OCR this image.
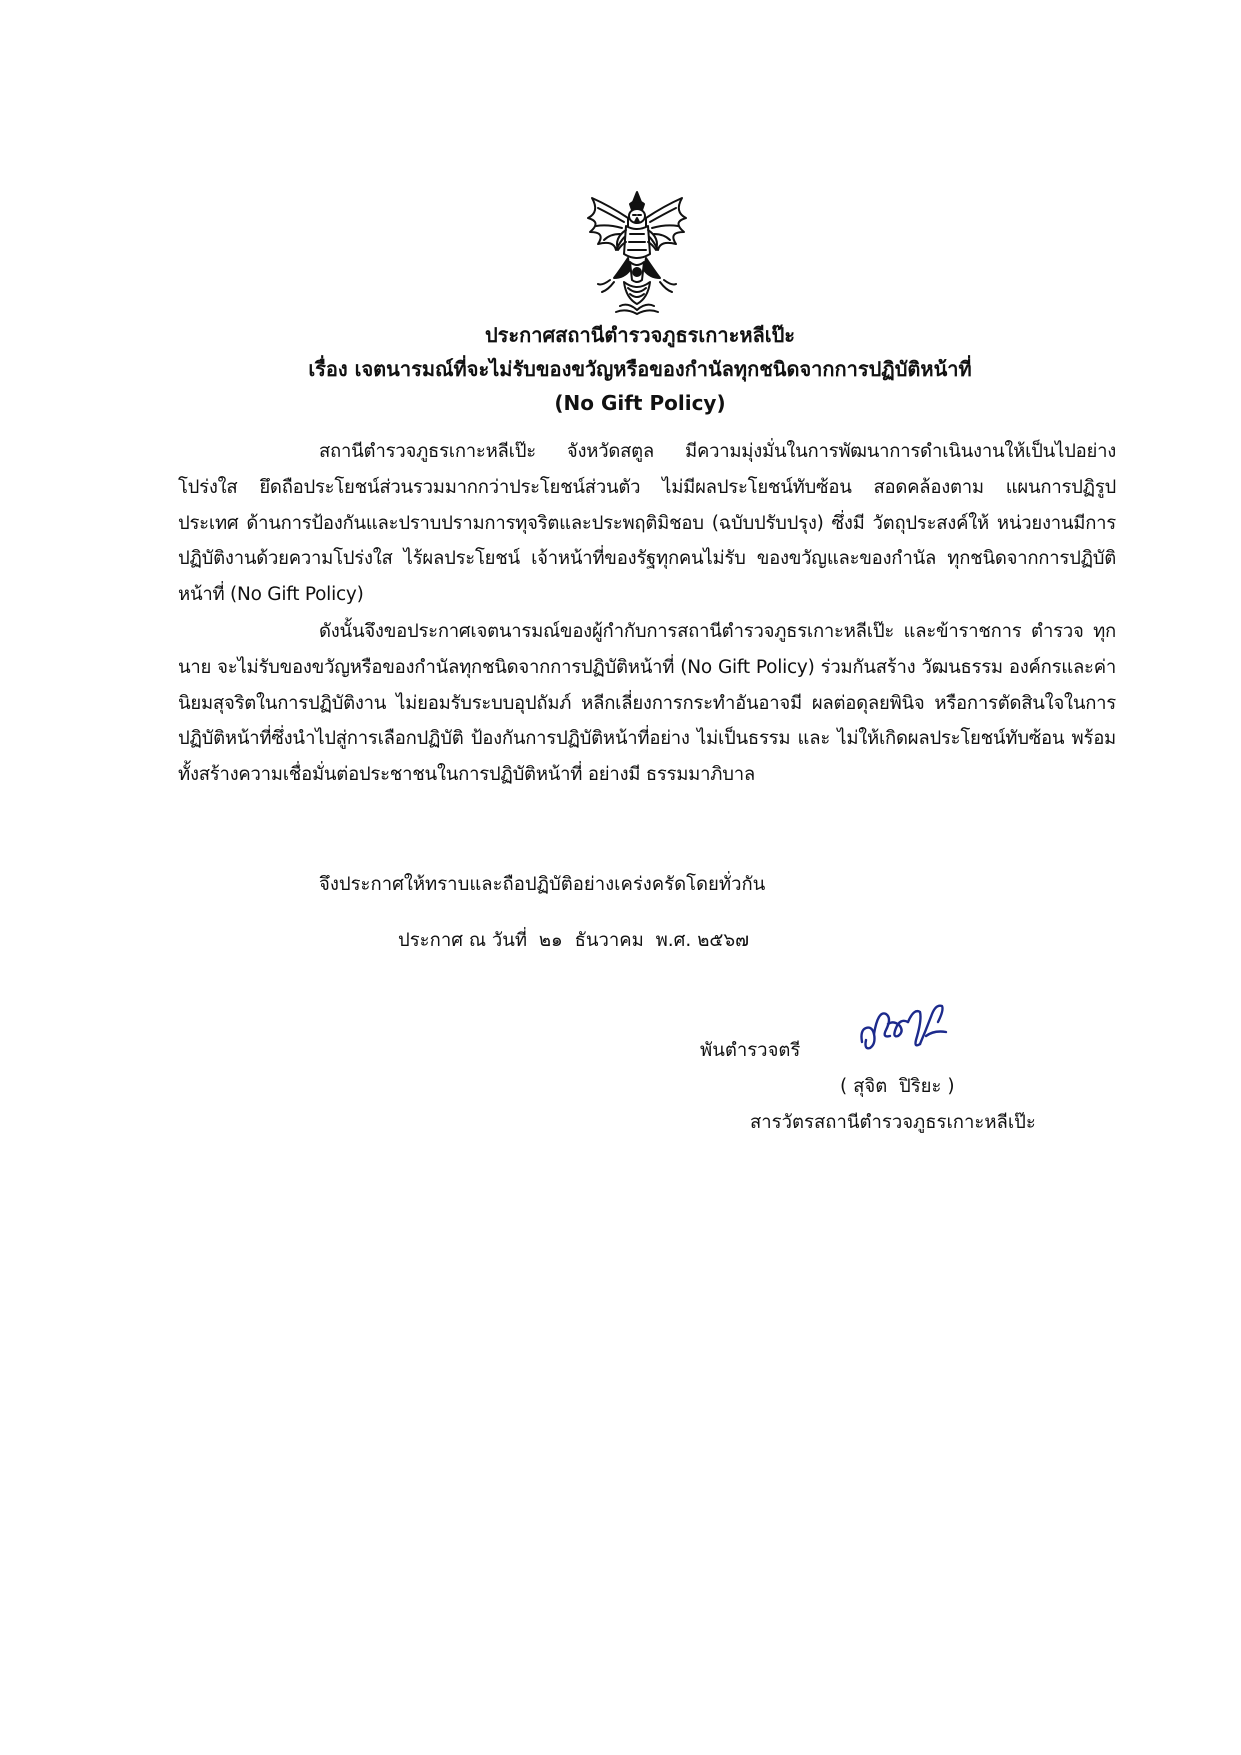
ประกาศสถานีตำรวจภูธรเกาะหลีเป๊ะ
เรื่อง เจตนารมณ์ที่จะไม่รับของขวัญหรือของกำนัลทุกชนิดจากการปฏิบัติหน้าที่
(No Gift Policy)
สถานีตำรวจภูธรเกาะหลีเป๊ะ จังหวัดสตูล มีความมุ่งมั่นในการพัฒนาการดำเนินงานให้เป็นไปอย่าง โปร่งใส ยึดถือประโยชน์ส่วนรวมมากกว่าประโยชน์ส่วนตัว ไม่มีผลประโยชน์ทับซ้อน สอดคล้องตาม แผนการปฏิรูป ประเทศ ด้านการป้องกันและปราบปรามการทุจริตและประพฤติมิชอบ (ฉบับปรับปรุง) ซึ่งมี วัตถุประสงค์ให้ หน่วยงานมีการปฏิบัติงานด้วยความโปร่งใส ไร้ผลประโยชน์ เจ้าหน้าที่ของรัฐทุกคนไม่รับ ของขวัญและของกำนัล ทุกชนิดจากการปฏิบัติหน้าที่ (No Gift Policy)
ดังนั้นจึงขอประกาศเจตนารมณ์ของผู้กำกับการสถานีตำรวจภูธรเกาะหลีเป๊ะ และข้าราชการ ตำรวจ ทุกนาย จะไม่รับของขวัญหรือของกำนัลทุกชนิดจากการปฏิบัติหน้าที่ (No Gift Policy) ร่วมกันสร้าง วัฒนธรรม องค์กรและค่านิยมสุจริตในการปฏิบัติงาน ไม่ยอมรับระบบอุปถัมภ์ หลีกเลี่ยงการกระทำอันอาจมี ผลต่อดุลยพินิจ หรือการตัดสินใจในการปฏิบัติหน้าที่ซึ่งนำไปสู่การเลือกปฏิบัติ ป้องกันการปฏิบัติหน้าที่อย่าง ไม่เป็นธรรม และ ไม่ให้เกิดผลประโยชน์ทับซ้อน พร้อมทั้งสร้างความเชื่อมั่นต่อประชาชนในการปฏิบัติหน้าที่ อย่างมี ธรรมมาภิบาล
จึงประกาศให้ทราบและถือปฏิบัติอย่างเคร่งครัดโดยทั่วกัน
ประกาศ ณ วันที่  ๒๑  ธันวาคม  พ.ศ. ๒๕๖๗
พันตำรวจตรี
( สุจิต  ปิริยะ )
สารวัตรสถานีตำรวจภูธรเกาะหลีเป๊ะ
